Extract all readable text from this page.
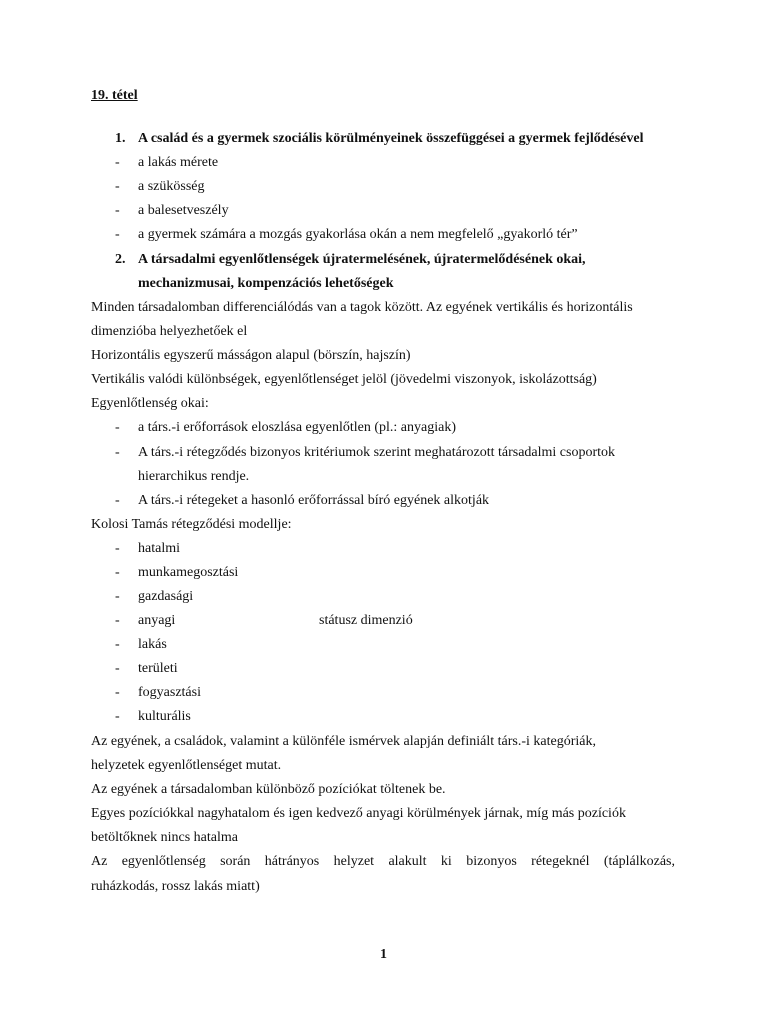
19. tétel
1. A család és a gyermek szociális körülményeinek összefüggései a gyermek fejlődésével
- a lakás mérete
- a szükösség
- a balesetveszély
- a gyermek számára a mozgás gyakorlása okán a nem megfelelő „gyakorló tér”
2. A társadalmi egyenlőtlenségek újratermelésének, újratermelődésének okai,
mechanizmusai, kompenzációs lehetőségek
Minden társadalomban differenciálódás van a tagok között. Az egyének vertikális és horizontális
dimenzióba helyezhetőek el
Horizontális egyszerű másságon alapul (börszín, hajszín)
Vertikális valódi különbségek, egyenlőtlenséget jelöl (jövedelmi viszonyok, iskolázottság)
Egyenlőtlenség okai:
- a társ.-i erőforrások eloszlása egyenlőtlen (pl.: anyagiak)
- A társ.-i rétegződés bizonyos kritériumok szerint meghatározott társadalmi csoportok
hierarchikus rendje.
- A társ.-i rétegeket a hasonló erőforrással bíró egyének alkotják
Kolosi Tamás rétegződési modellje:
- hatalmi
- munkamegosztási
- gazdasági
- anyagi	státusz dimenzió
- lakás
- területi
- fogyasztási
- kulturális
Az egyének, a családok, valamint a különféle ismérvek alapján definiált társ.-i kategóriák,
helyzetek egyenlőtlenséget mutat.
Az egyének a társadalomban különböző pozíciókat töltenek be.
Egyes pozíciókkal nagyhatalom és igen kedvező anyagi körülmények járnak, míg más pozíciók
betöltőknek nincs hatalma
Az egyenlőtlenség során hátrányos helyzet alakult ki bizonyos rétegeknél (táplálkozás,
ruházkodás, rossz lakás miatt)
1
